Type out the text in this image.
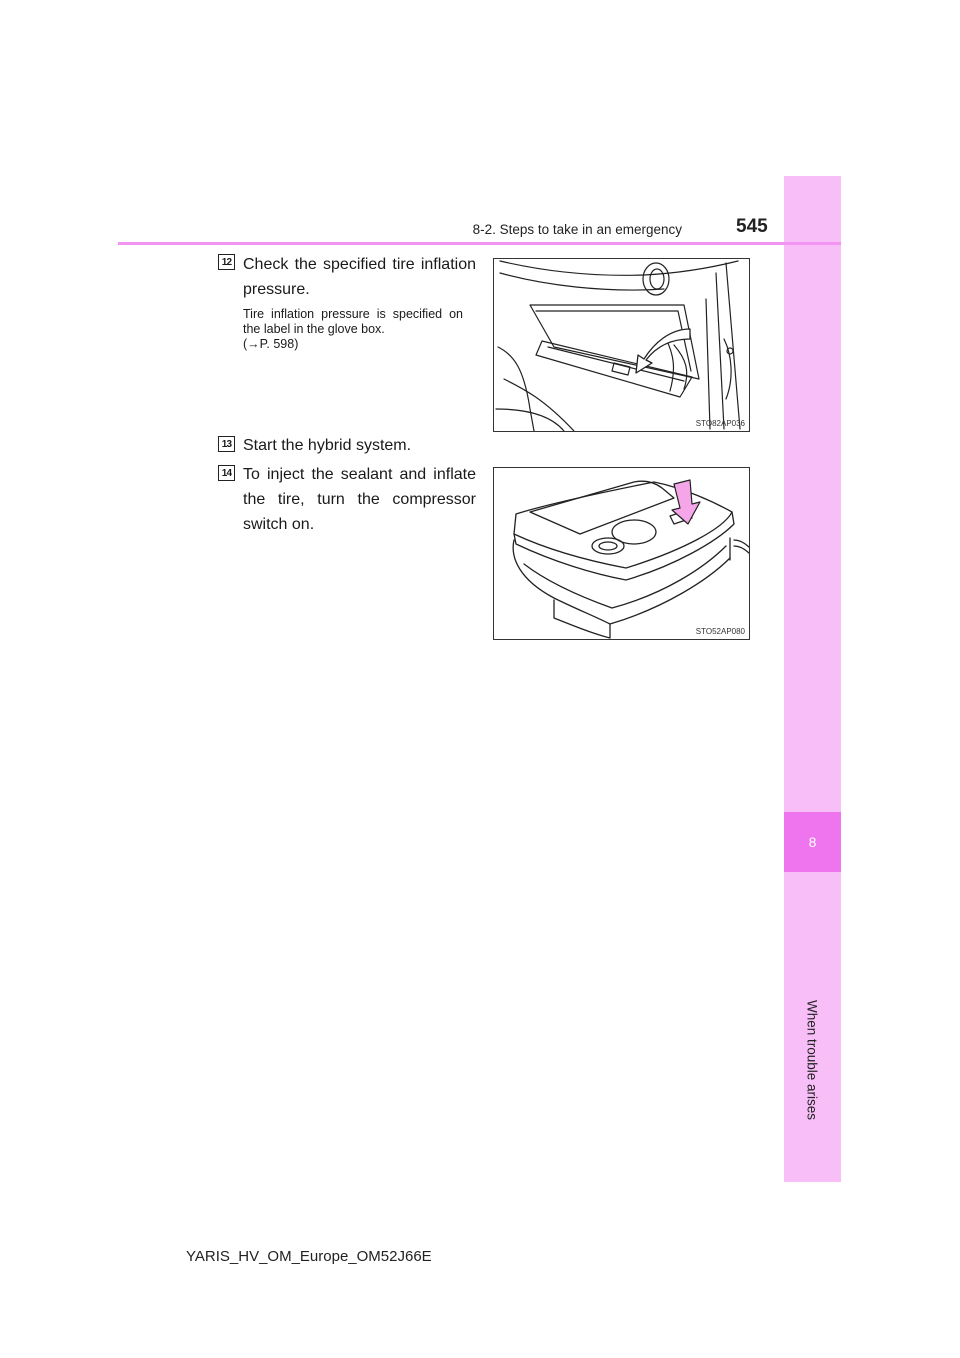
8
When trouble arises
8-2. Steps to take in an emergency	545
12 Check the specified tire inflation pressure.
Tire inflation pressure is specified on the label in the glove box.
(→P. 598)
STO82AP036
13 Start the hybrid system.
14 To inject the sealant and inflate the tire, turn the compressor switch on.
STO52AP080
YARIS_HV_OM_Europe_OM52J66E
